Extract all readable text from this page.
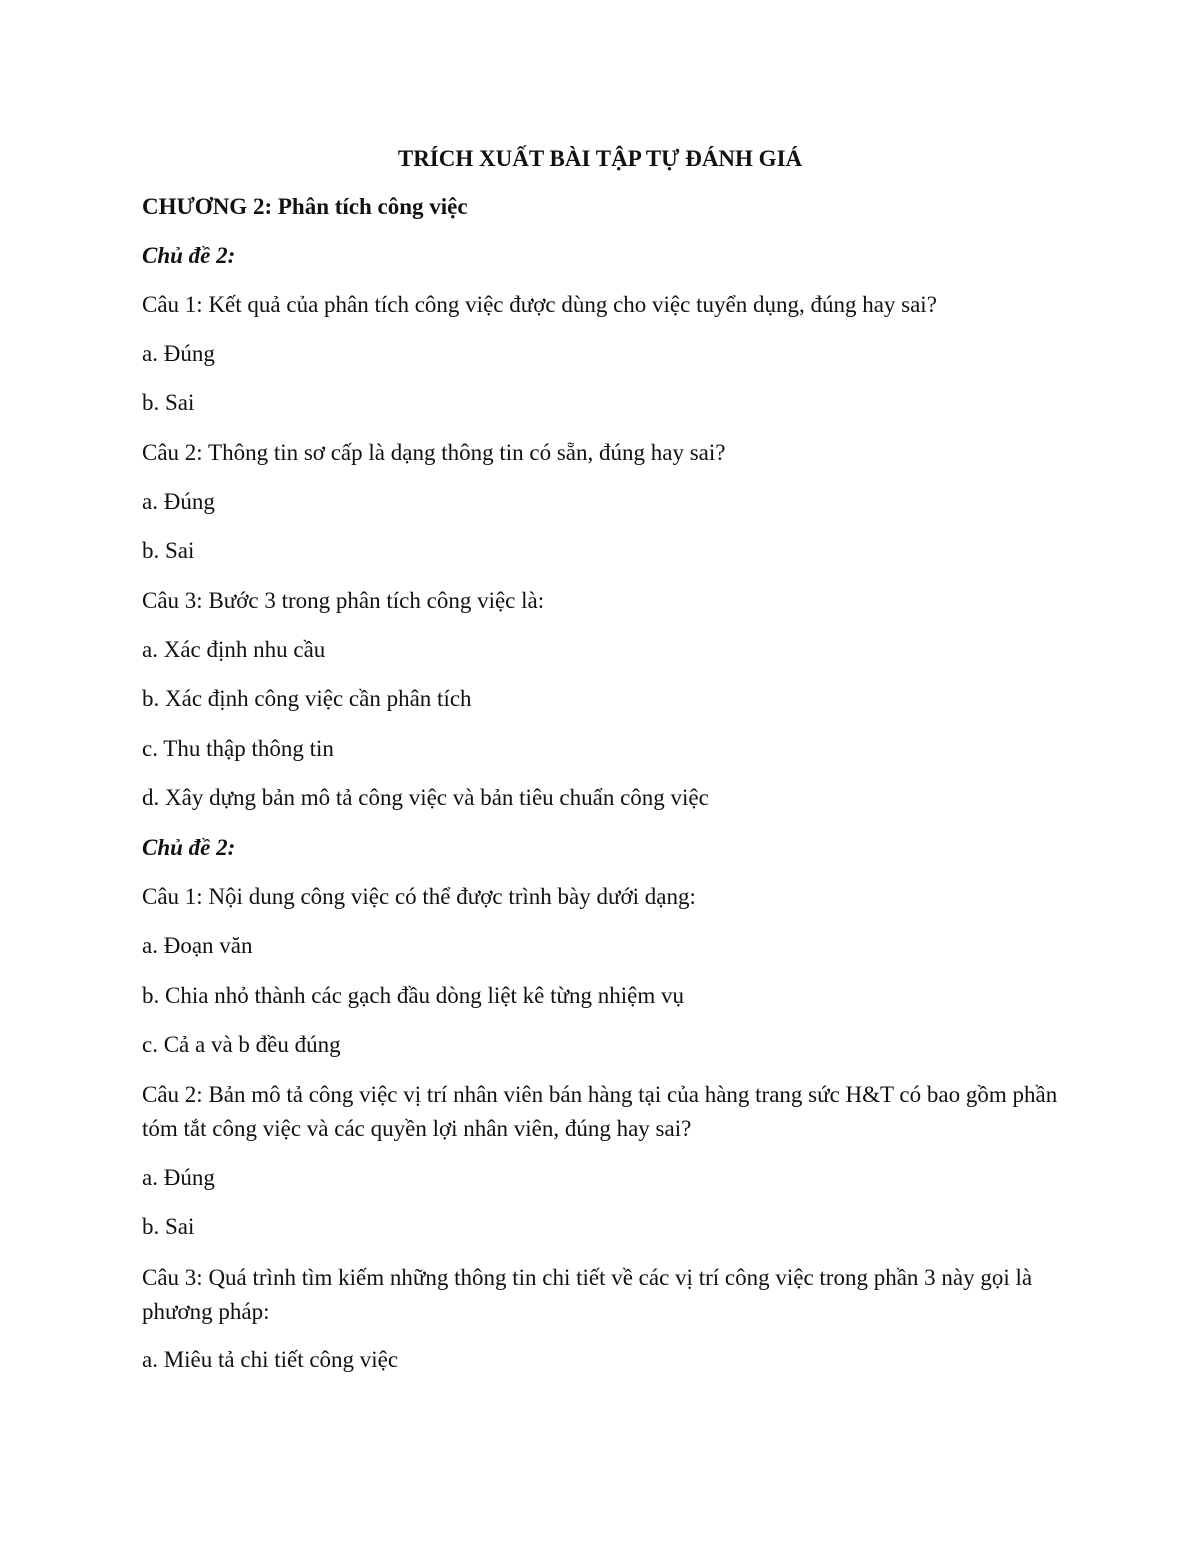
TRÍCH XUẤT BÀI TẬP TỰ ĐÁNH GIÁ
CHƯƠNG 2: Phân tích công việc
Chủ đề 2:
Câu 1: Kết quả của phân tích công việc được dùng cho việc tuyển dụng, đúng hay sai?
a. Đúng
b. Sai
Câu 2: Thông tin sơ cấp là dạng thông tin có sẵn, đúng hay sai?
a. Đúng
b. Sai
Câu 3: Bước 3 trong phân tích công việc là:
a. Xác định nhu cầu
b. Xác định công việc cần phân tích
c. Thu thập thông tin
d. Xây dựng bản mô tả công việc và bản tiêu chuẩn công việc
Chủ đề 2:
Câu 1: Nội dung công việc có thể được trình bày dưới dạng:
a. Đoạn văn
b. Chia nhỏ thành các gạch đầu dòng liệt kê từng nhiệm vụ
c. Cả a và b đều đúng
Câu 2: Bản mô tả công việc vị trí nhân viên bán hàng tại của hàng trang sức H&T có bao gồm phần tóm tắt công việc và các quyền lợi nhân viên, đúng hay sai?
a. Đúng
b. Sai
Câu 3: Quá trình tìm kiếm những thông tin chi tiết về các vị trí công việc trong phần 3 này gọi là phương pháp:
a. Miêu tả chi tiết công việc
